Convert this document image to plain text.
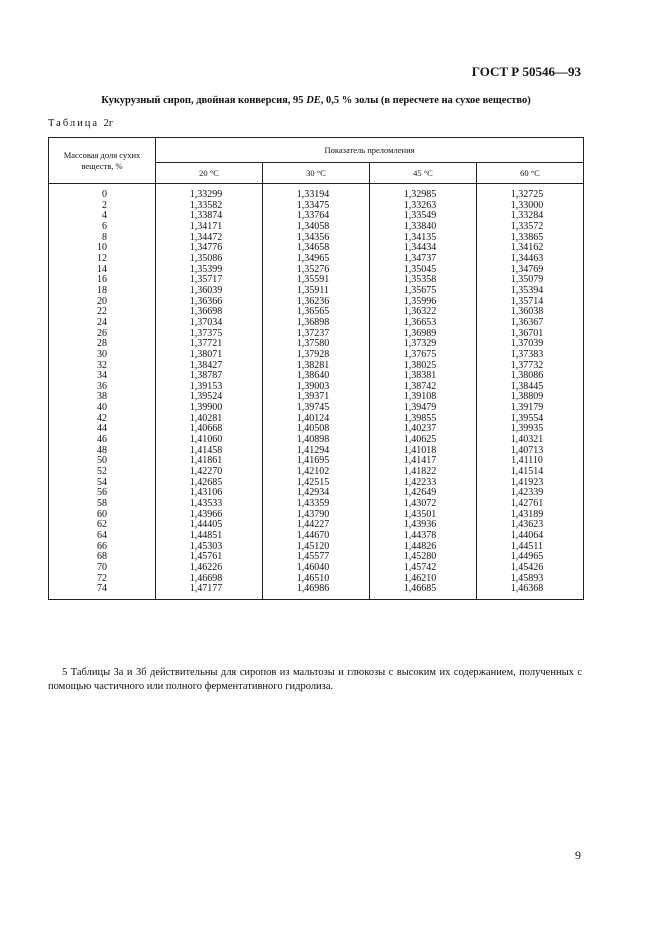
ГОСТ Р 50546—93
Кукурузный сироп, двойная конверсия, 95 DE, 0,5 % золы (в пересчете на сухое вещество)
Таблица 2г
Массовая доля сухих
веществ, %	Показатель преломления			
	20 °С	30 °С	45 °С	60 °С
0	1,33299	1,33194	1,32985	1,32725
2	1,33582	1,33475	1,33263	1,33000
4	1,33874	1,33764	1,33549	1,33284
6	1,34171	1,34058	1,33840	1,33572
8	1,34472	1,34356	1,34135	1,33865
10	1,34776	1,34658	1,34434	1,34162
12	1,35086	1,34965	1,34737	1,34463
14	1,35399	1,35276	1,35045	1,34769
16	1,35717	1,35591	1,35358	1,35079
18	1,36039	1,35911	1,35675	1,35394
20	1,36366	1,36236	1,35996	1,35714
22	1,36698	1,36565	1,36322	1,36038
24	1,37034	1,36898	1,36653	1,36367
26	1,37375	1,37237	1,36989	1,36701
28	1,37721	1,37580	1,37329	1,37039
30	1,38071	1,37928	1,37675	1,37383
32	1,38427	1,38281	1,38025	1,37732
34	1,38787	1,38640	1,38381	1,38086
36	1,39153	1,39003	1,38742	1,38445
38	1,39524	1,39371	1,39108	1,38809
40	1,39900	1,39745	1,39479	1,39179
42	1,40281	1,40124	1,39855	1,39554
44	1,40668	1,40508	1,40237	1,39935
46	1,41060	1,40898	1,40625	1,40321
48	1,41458	1,41294	1,41018	1,40713
50	1,41861	1,41695	1,41417	1,41110
52	1,42270	1,42102	1,41822	1,41514
54	1,42685	1,42515	1,42233	1,41923
56	1,43106	1,42934	1,42649	1,42339
58	1,43533	1,43359	1,43072	1,42761
60	1,43966	1,43790	1,43501	1,43189
62	1,44405	1,44227	1,43936	1,43623
64	1,44851	1,44670	1,44378	1,44064
66	1,45303	1,45120	1,44826	1,44511
68	1,45761	1,45577	1,45280	1,44965
70	1,46226	1,46040	1,45742	1,45426
72	1,46698	1,46510	1,46210	1,45893
74	1,47177	1,46986	1,46685	1,46368
5 Таблицы 3а и 3б действительны для сиропов из мальтозы и глюкозы с высоким их содержанием, полученных с помощью частичного или полного ферментативного гидролиза.
9
